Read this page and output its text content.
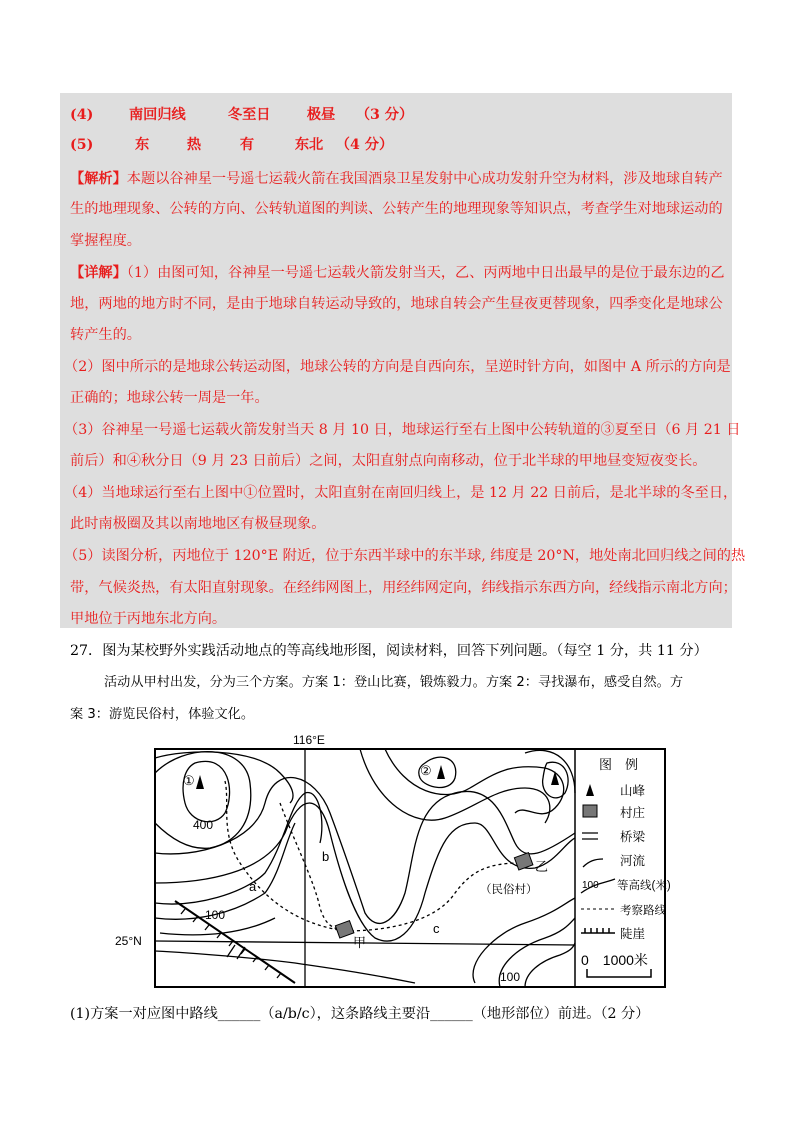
(4)	南回归线	冬至日	极昼 （3 分）
(5)	东	热	有	东北 （4 分）
【解析】本题以谷神星一号遥七运载火箭在我国酒泉卫星发射中心成功发射升空为材料，涉及地球自转产
生的地理现象、公转的方向、公转轨道图的判读、公转产生的地理现象等知识点，考查学生对地球运动的
掌握程度。
【详解】（1）由图可知，谷神星一号遥七运载火箭发射当天，乙、丙两地中日出最早的是位于最东边的乙
地，两地的地方时不同，是由于地球自转运动导致的，地球自转会产生昼夜更替现象，四季变化是地球公
转产生的。
（2）图中所示的是地球公转运动图，地球公转的方向是自西向东，呈逆时针方向，如图中 A 所示的方向是
正确的；地球公转一周是一年。
（3）谷神星一号遥七运载火箭发射当天 8 月 10 日，地球运行至右上图中公转轨道的③夏至日（6 月 21 日
前后）和④秋分日（9 月 23 日前后）之间，太阳直射点向南移动，位于北半球的甲地昼变短夜变长。
（4）当地球运行至右上图中①位置时，太阳直射在南回归线上，是 12 月 22 日前后，是北半球的冬至日，
此时南极圈及其以南地地区有极昼现象。
（5）读图分析，丙地位于 120°E 附近，位于东西半球中的东半球, 纬度是 20°N，地处南北回归线之间的热
带，气候炎热，有太阳直射现象。在经纬网图上，用经纬网定向，纬线指示东西方向，经线指示南北方向；
甲地位于丙地东北方向。
27．图为某校野外实践活动地点的等高线地形图，阅读材料，回答下列问题。（每空 1 分，共 11 分）
活动从甲村出发，分为三个方案。方案 1：登山比赛，锻炼毅力。方案 2：寻找瀑布，感受自然。方
案 3：游览民俗村，体验文化。
116°E
25°N
①
②
400
100
100
a
b
c
甲
乙
（民俗村）
图　例
山峰
村庄
桥梁
河流
100 等高线(米)
考察路线
陡崖
0　1000米
(1)方案一对应图中路线______（a/b/c），这条路线主要沿______（地形部位）前进。（2 分）
